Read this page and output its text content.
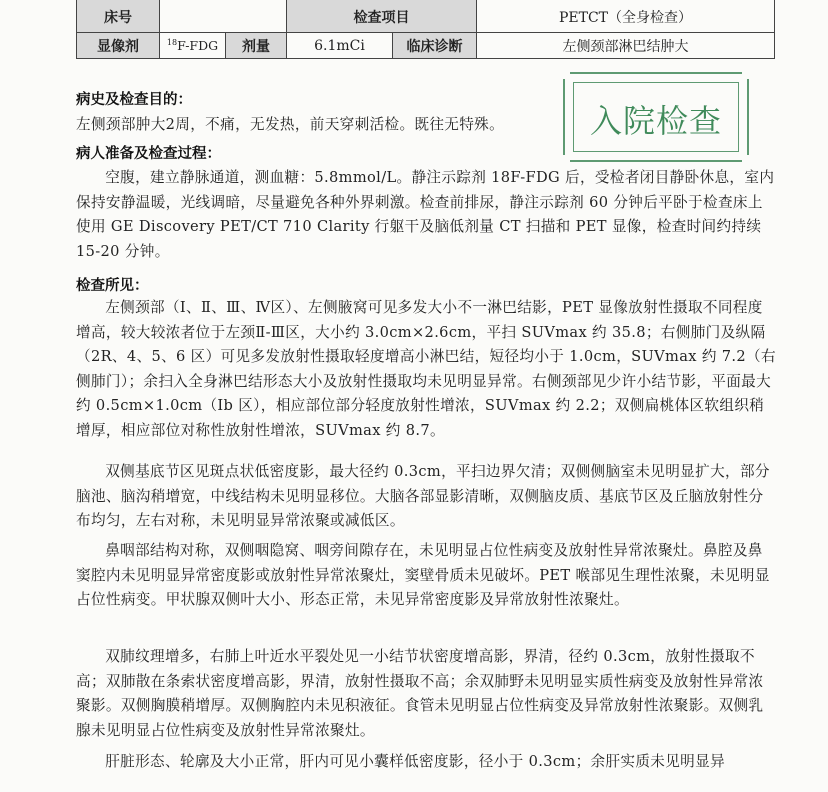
床号			检查项目		PETCT（全身检查）
显像剂	$^{18}$F-FDG	剂量	6.1mCi	临床诊断	左侧颈部淋巴结肿大
入院检查
病史及检查目的：
左侧颈部肿大2周，不痛，无发热，前天穿刺活检。既往无特殊。
病人准备及检查过程：
空腹，建立静脉通道，测血糖：5.8mmol/L。静注示踪剂 18F-FDG 后，受检者闭目静卧休息，室内保持安静温暖，光线调暗，尽量避免各种外界刺激。检查前排尿，静注示踪剂 60 分钟后平卧于检查床上使用 GE Discovery PET/CT 710 Clarity 行躯干及脑低剂量 CT 扫描和 PET 显像，检查时间约持续 15-20 分钟。
检查所见：
左侧颈部（Ⅰ、Ⅱ、Ⅲ、Ⅳ区）、左侧腋窝可见多发大小不一淋巴结影，PET 显像放射性摄取不同程度增高，较大较浓者位于左颈Ⅱ-Ⅲ区，大小约 3.0cm×2.6cm，平扫 SUVmax 约 35.8；右侧肺门及纵隔（2R、4、5、6 区）可见多发放射性摄取轻度增高小淋巴结，短径均小于 1.0cm，SUVmax 约 7.2（右侧肺门）；余扫入全身淋巴结形态大小及放射性摄取均未见明显异常。右侧颈部见少许小结节影，平面最大约 0.5cm×1.0cm（Ⅰb 区），相应部位部分轻度放射性增浓，SUVmax 约 2.2；双侧扁桃体区软组织稍增厚，相应部位对称性放射性增浓，SUVmax 约 8.7。
双侧基底节区见斑点状低密度影，最大径约 0.3cm，平扫边界欠清；双侧侧脑室未见明显扩大，部分脑池、脑沟稍增宽，中线结构未见明显移位。大脑各部显影清晰，双侧脑皮质、基底节区及丘脑放射性分布均匀，左右对称，未见明显异常浓聚或减低区。
鼻咽部结构对称，双侧咽隐窝、咽旁间隙存在，未见明显占位性病变及放射性异常浓聚灶。鼻腔及鼻窦腔内未见明显异常密度影或放射性异常浓聚灶，窦壁骨质未见破坏。PET 喉部见生理性浓聚，未见明显占位性病变。甲状腺双侧叶大小、形态正常，未见异常密度影及异常放射性浓聚灶。
双肺纹理增多，右肺上叶近水平裂处见一小结节状密度增高影，界清，径约 0.3cm，放射性摄取不高；双肺散在条索状密度增高影，界清，放射性摄取不高；余双肺野未见明显实质性病变及放射性异常浓聚影。双侧胸膜稍增厚。双侧胸腔内未见积液征。食管未见明显占位性病变及异常放射性浓聚影。双侧乳腺未见明显占位性病变及放射性异常浓聚灶。
肝脏形态、轮廓及大小正常，肝内可见小囊样低密度影，径小于 0.3cm；余肝实质未见明显异
